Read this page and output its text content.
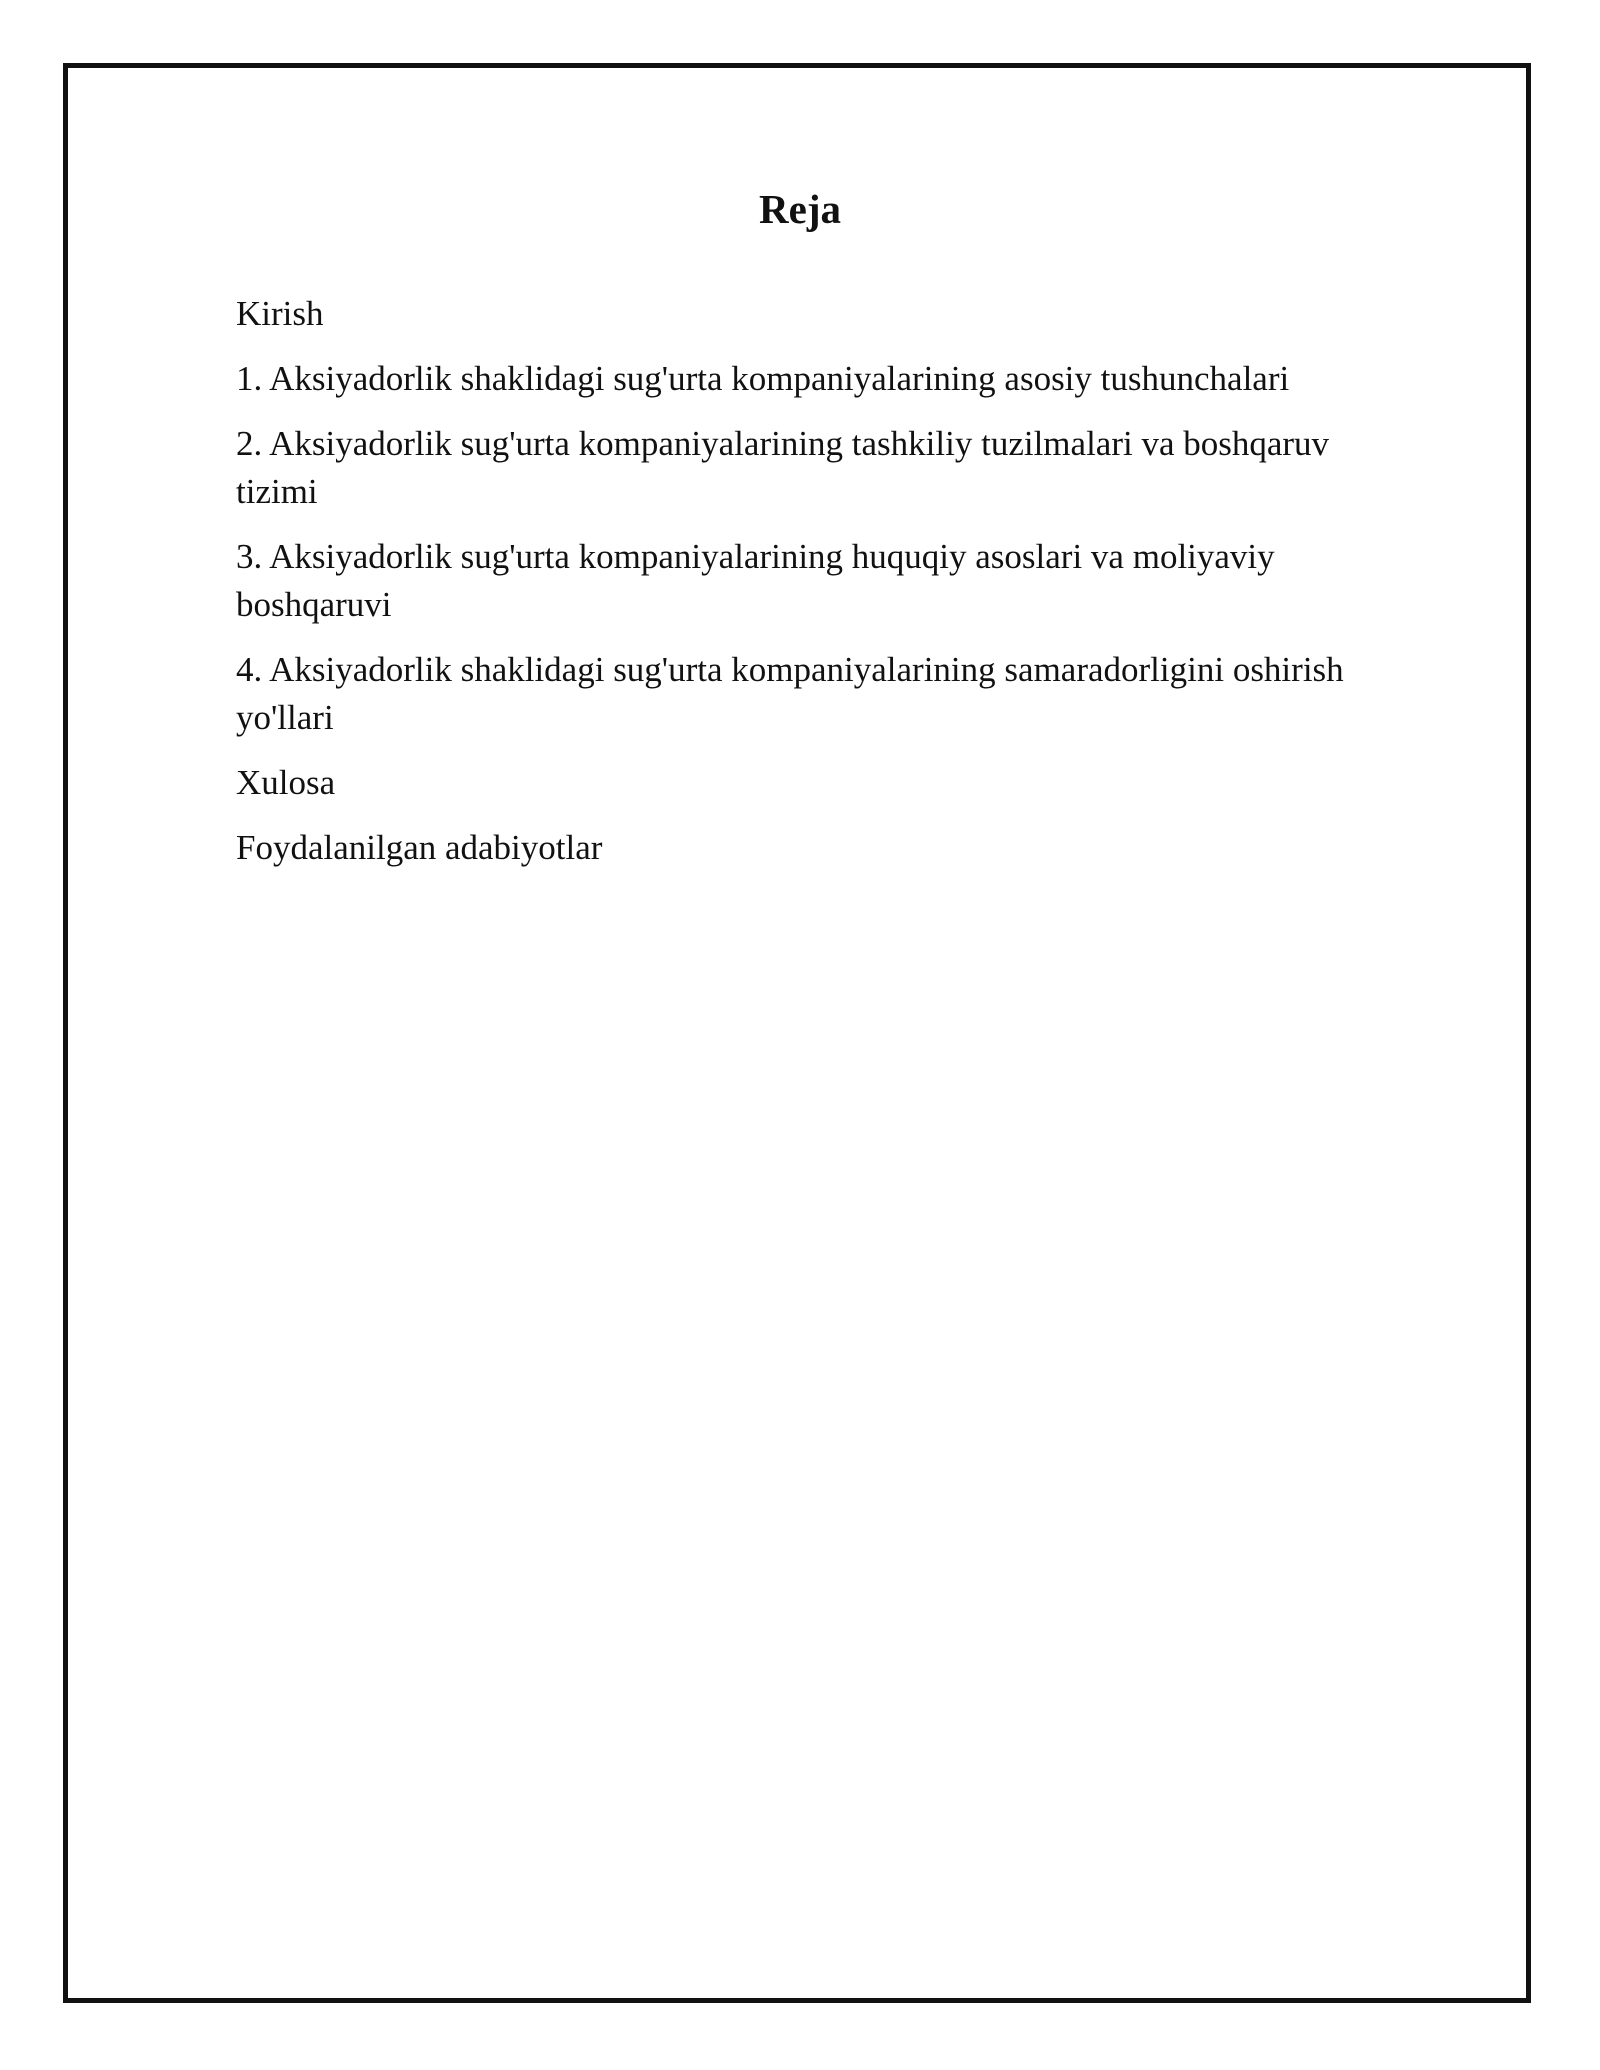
Reja
Kirish
1. Aksiyadorlik shaklidagi sug'urta kompaniyalarining asosiy tushunchalari
2. Aksiyadorlik sug'urta kompaniyalarining tashkiliy tuzilmalari va boshqaruv tizimi
3. Aksiyadorlik sug'urta kompaniyalarining huquqiy asoslari va moliyaviy boshqaruvi
4. Aksiyadorlik shaklidagi sug'urta kompaniyalarining samaradorligini oshirish yo'llari
Xulosa
Foydalanilgan adabiyotlar
